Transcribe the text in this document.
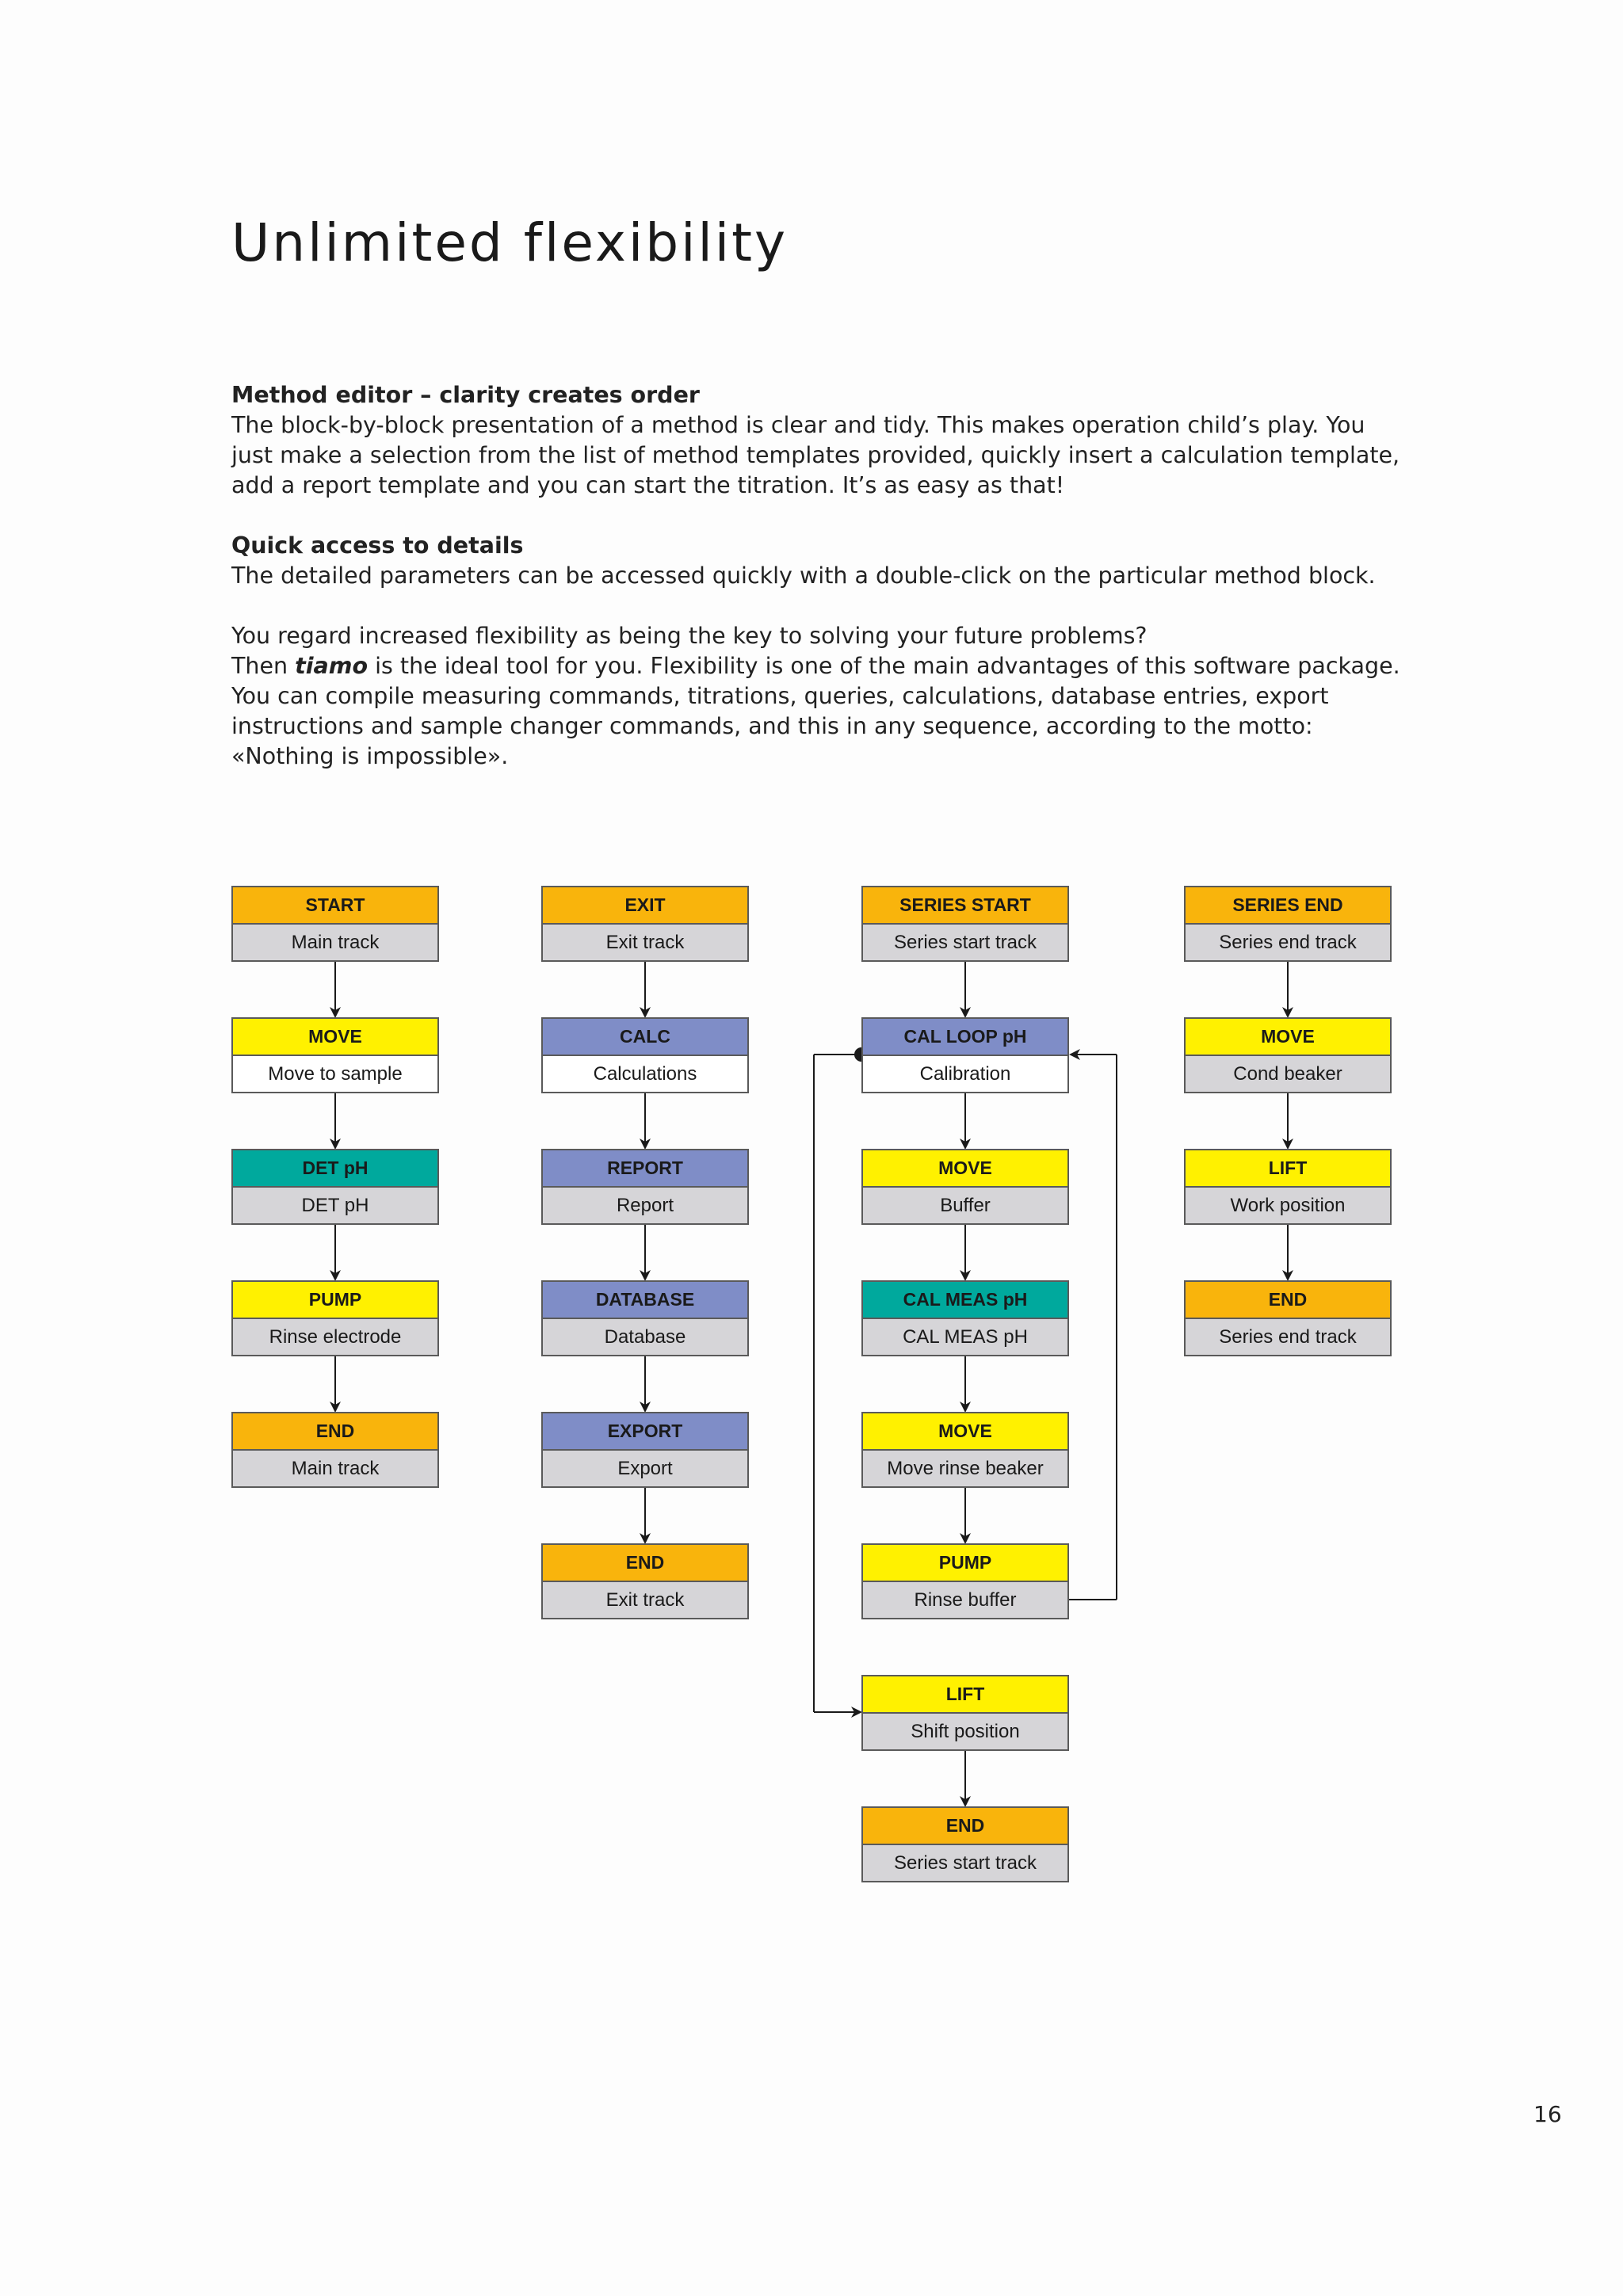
Unlimited flexibility

Method editor – clarity creates order
The block-by-block presentation of a method is clear and tidy. This makes operation child’s play. You just make a selection from the list of method templates provided, quickly insert a calculation template, add a report template and you can start the titration. It’s as easy as that!

Quick access to details
The detailed parameters can be accessed quickly with a double-click on the particular method block.

You regard increased flexibility as being the key to solving your future problems?
Then tiamo is the ideal tool for you. Flexibility is one of the main advantages of this software package. You can compile measuring commands, titrations, queries, calculations, database entries, export instructions and sample changer commands, and this in any sequence, according to the motto: «Nothing is impossible».

START
Main track
MOVE
Move to sample
DET pH
DET pH
PUMP
Rinse electrode
END
Main track
EXIT
Exit track
CALC
Calculations
REPORT
Report
DATABASE
Database
EXPORT
Export
END
Exit track
SERIES START
Series start track
CAL LOOP pH
Calibration
MOVE
Buffer
CAL MEAS pH
CAL MEAS pH
MOVE
Move rinse beaker
PUMP
Rinse buffer
LIFT
Shift position
END
Series start track
SERIES END
Series end track
MOVE
Cond beaker
LIFT
Work position
END
Series end track
16
